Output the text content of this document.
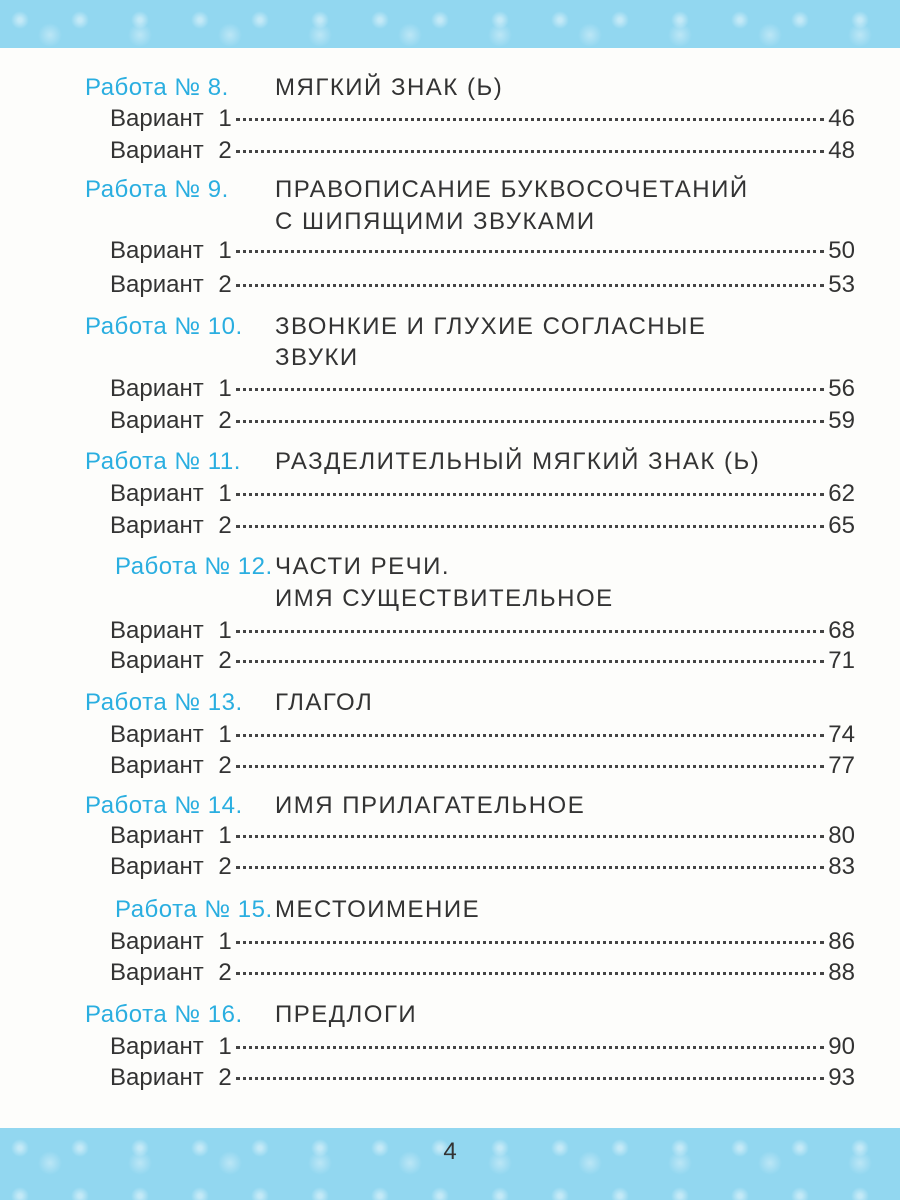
Работа № 8. МЯГКИЙ ЗНАК (Ь)
Вариант 1	46
Вариант 2	48
Работа № 9. ПРАВОПИСАНИЕ БУКВОСОЧЕТАНИЙ
С ШИПЯЩИМИ ЗВУКАМИ
Вариант 1	50
Вариант 2	53
Работа № 10. ЗВОНКИЕ И ГЛУХИЕ СОГЛАСНЫЕ
ЗВУКИ
Вариант 1	56
Вариант 2	59
Работа № 11. РАЗДЕЛИТЕЛЬНЫЙ МЯГКИЙ ЗНАК (Ь)
Вариант 1	62
Вариант 2	65
Работа № 12. ЧАСТИ РЕЧИ.
ИМЯ СУЩЕСТВИТЕЛЬНОЕ
Вариант 1	68
Вариант 2	71
Работа № 13. ГЛАГОЛ
Вариант 1	74
Вариант 2	77
Работа № 14. ИМЯ ПРИЛАГАТЕЛЬНОЕ
Вариант 1	80
Вариант 2	83
Работа № 15. МЕСТОИМЕНИЕ
Вариант 1	86
Вариант 2	88
Работа № 16. ПРЕДЛОГИ
Вариант 1	90
Вариант 2	93
4
